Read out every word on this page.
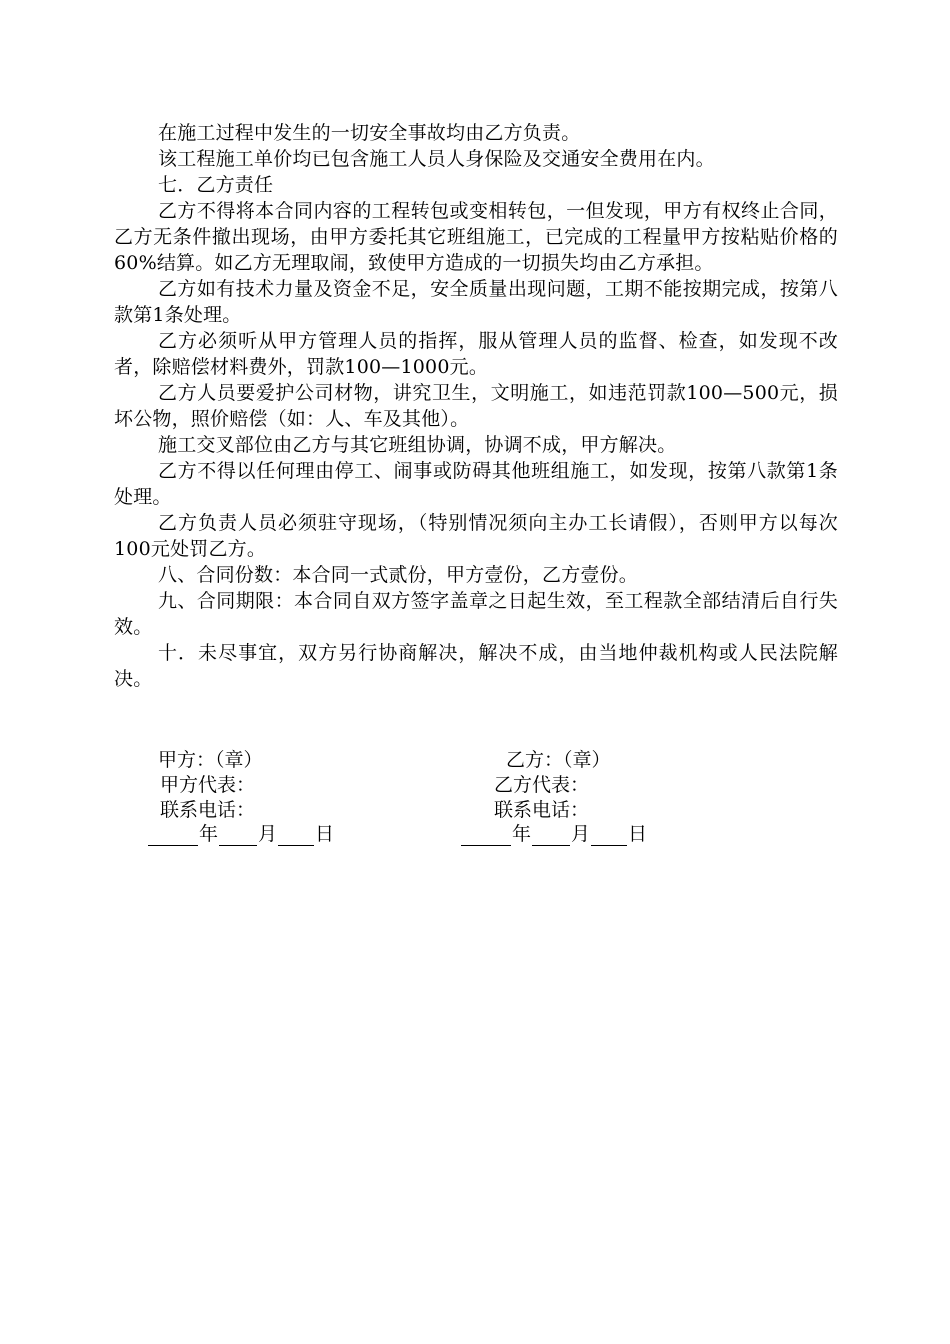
在施工过程中发生的一切安全事故均由乙方负责。

该工程施工单价均已包含施工人员人身保险及交通安全费用在内。

七．乙方责任

乙方不得将本合同内容的工程转包或变相转包，一但发现，甲方有权终止合同，乙方无条件撤出现场，由甲方委托其它班组施工，已完成的工程量甲方按粘贴价格的60%结算。如乙方无理取闹，致使甲方造成的一切损失均由乙方承担。

乙方如有技术力量及资金不足，安全质量出现问题，工期不能按期完成，按第八款第1条处理。

乙方必须听从甲方管理人员的指挥，服从管理人员的监督、检查，如发现不改者，除赔偿材料费外，罚款100—1000元。

乙方人员要爱护公司材物，讲究卫生，文明施工，如违范罚款100—500元，损坏公物，照价赔偿（如：人、车及其他）。

施工交叉部位由乙方与其它班组协调，协调不成，甲方解决。

乙方不得以任何理由停工、闹事或防碍其他班组施工，如发现，按第八款第1条处理。

乙方负责人员必须驻守现场，（特别情况须向主办工长请假），否则甲方以每次100元处罚乙方。

八、合同份数：本合同一式贰份，甲方壹份，乙方壹份。

九、合同期限：本合同自双方签字盖章之日起生效，至工程款全部结清后自行失效。

十．未尽事宜，双方另行协商解决，解决不成，由当地仲裁机构或人民法院解决。

甲方：（章）
甲方代表：
联系电话：
年 月 日
乙方：（章）
乙方代表：
联系电话：
年 月 日
